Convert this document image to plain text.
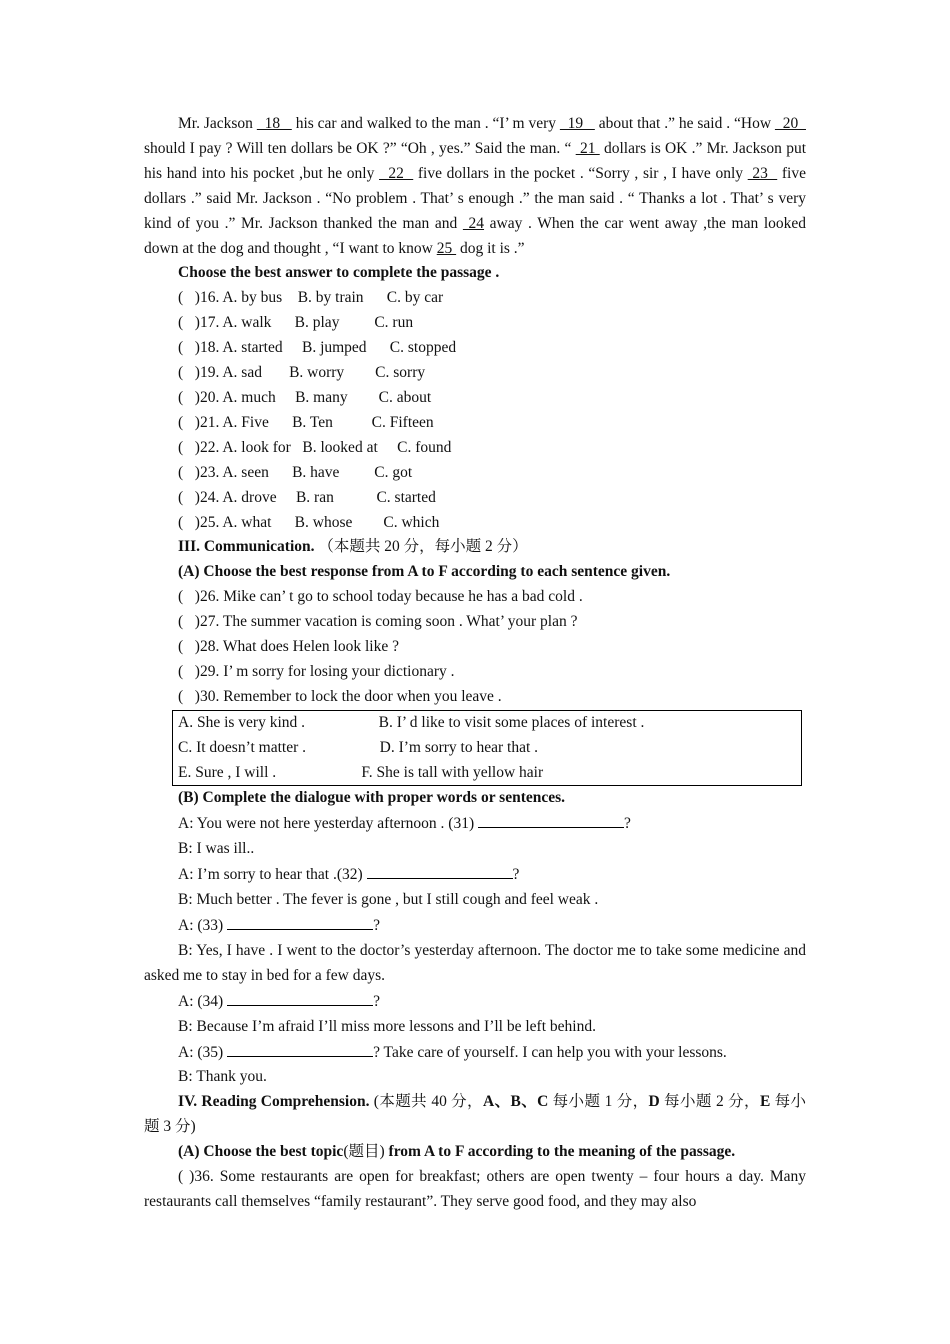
Mr. Jackson   18    his car and walked to the man . “I’ m very   19    about that .” he said . “How   20   should I pay ? Will ten dollars be OK ?” “Oh , yes.” Said the man. “  21  dollars is OK .” Mr. Jackson put his hand into his pocket ,but he only   22   five dollars in the pocket . “Sorry , sir , I have only  23   five dollars .” said Mr. Jackson . “No problem . That’ s enough .” the man said . “ Thanks a lot . That’ s very kind of you .” Mr. Jackson thanked the man and  24 away . When the car went away ,the man looked down at the dog and thought , “I want to know 25  dog it is .”

Choose the best answer to complete the passage .

(   )16. A. by bus    B. by train      C. by car

(   )17. A. walk      B. play         C. run

(   )18. A. started     B. jumped      C. stopped

(   )19. A. sad       B. worry        C. sorry

(   )20. A. much     B. many        C. about

(   )21. A. Five      B. Ten          C. Fifteen

(   )22. A. look for   B. looked at     C. found

(   )23. A. seen      B. have         C. got

(   )24. A. drove     B. ran           C. started

(   )25. A. what      B. whose        C. which

III. Communication. （本题共 20 分，每小题 2 分）

(A) Choose the best response from A to F according to each sentence given.

(   )26. Mike can’ t go to school today because he has a bad cold .

(   )27. The summer vacation is coming soon . What’ your plan ?

(   )28. What does Helen look like ?

(   )29. I’ m sorry for losing your dictionary .

(   )30. Remember to lock the door when you leave .

A. She is very kind .                   B. I’ d like to visit some places of interest .
C. It doesn’t matter .                   D. I’m sorry to hear that .
E. Sure , I will .                      F. She is tall with yellow hair

(B) Complete the dialogue with proper words or sentences.

A: You were not here yesterday afternoon . (31)	?

B: I was ill..

A: I’m sorry to hear that .(32)	?

B: Much better . The fever is gone , but I still cough and feel weak .

A: (33)	?

B: Yes, I have . I went to the doctor’s yesterday afternoon. The doctor me to take some medicine and asked me to stay in bed for a few days.

A: (34)	?

B: Because I’m afraid I’ll miss more lessons and I’ll be left behind.

A: (35)	? Take care of yourself. I can help you with your lessons.

B: Thank you.

IV. Reading Comprehension. (本题共 40 分，A、B、C 每小题 1 分，D 每小题 2 分，E 每小题 3 分)

(A) Choose the best topic(题目) from A to F according to the meaning of the passage.

( )36. Some restaurants are open for breakfast; others are open twenty – four hours a day. Many restaurants call themselves “family restaurant”. They serve good food, and they may also
